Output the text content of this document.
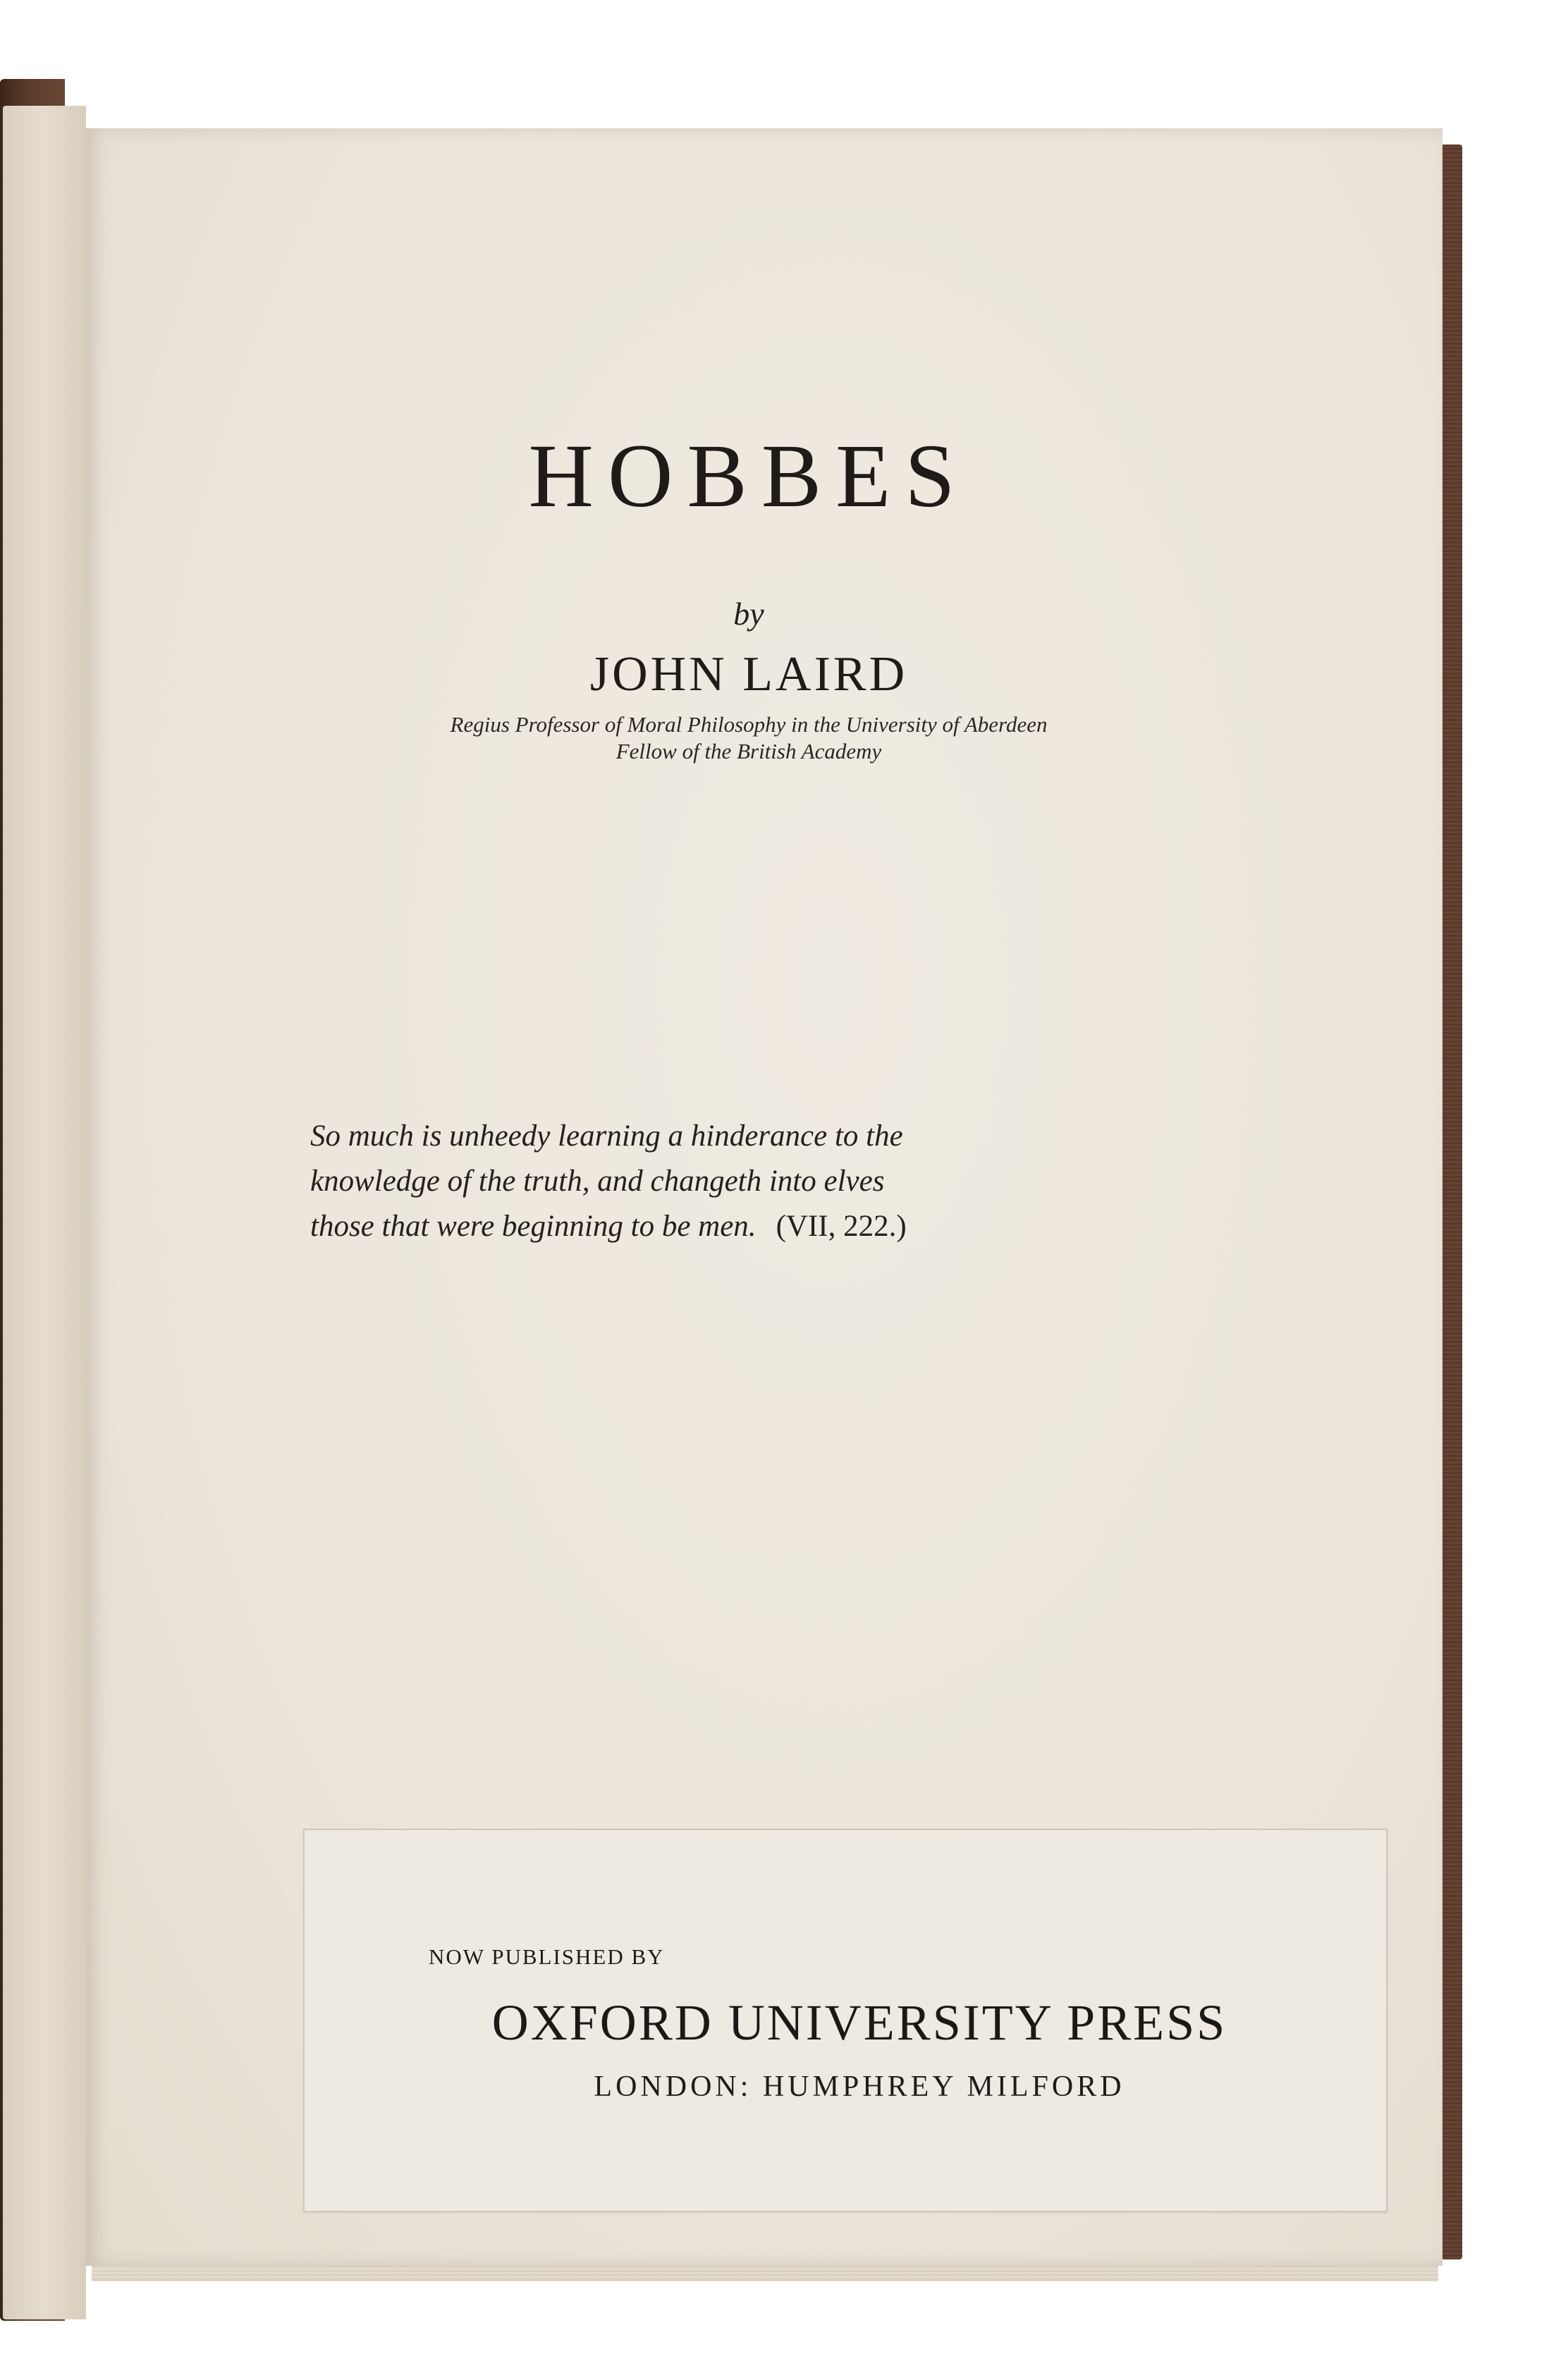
HOBBES
by
JOHN LAIRD
Regius Professor of Moral Philosophy in the University of Aberdeen
Fellow of the British Academy
So much is unheedy learning a hinderance to the
knowledge of the truth, and changeth into elves
those that were beginning to be men. (VII, 222.)
NOW PUBLISHED BY
OXFORD UNIVERSITY PRESS
LONDON: HUMPHREY MILFORD
